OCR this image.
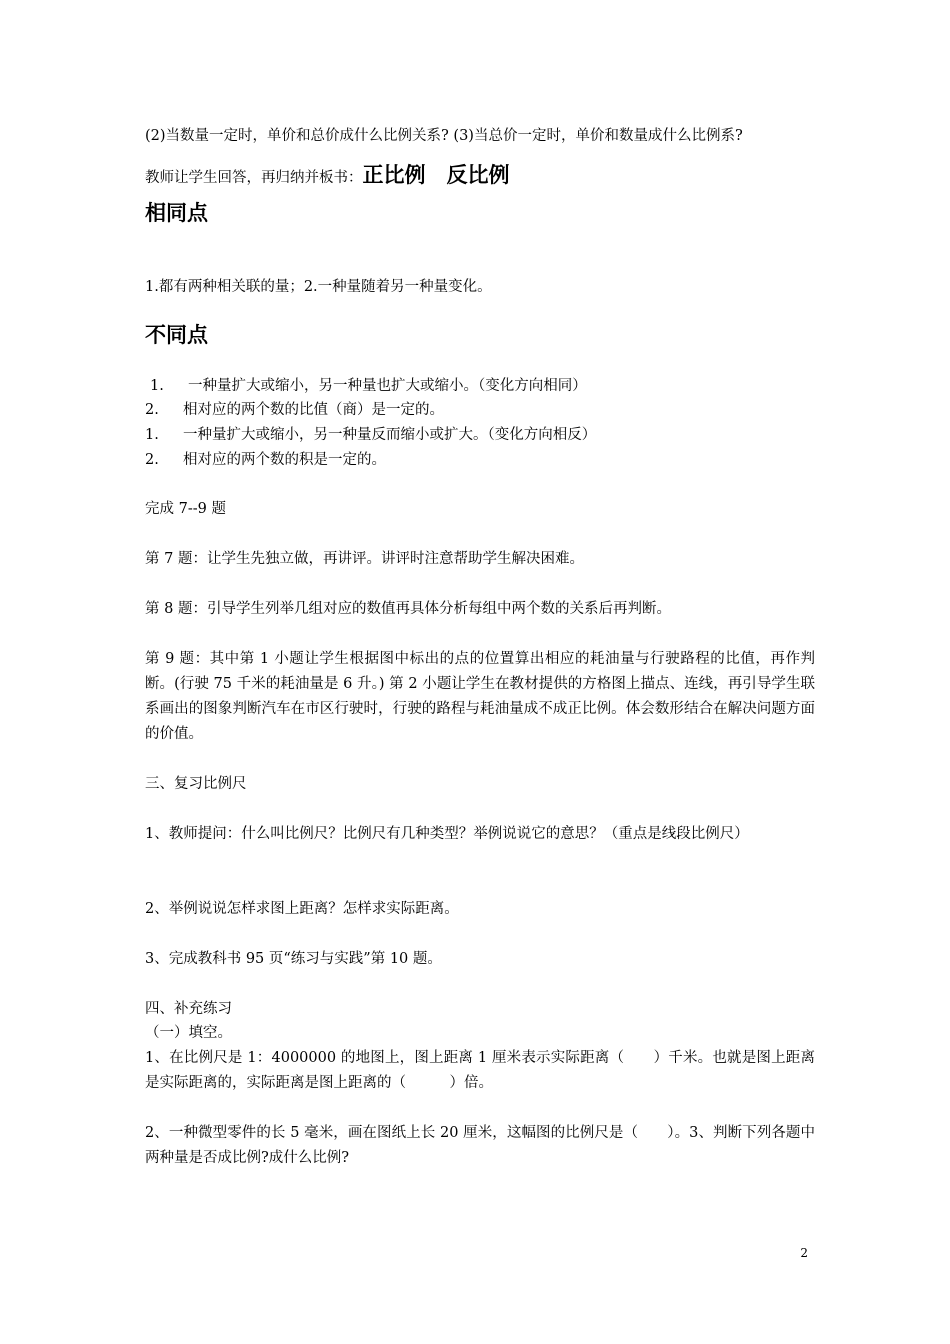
(2)当数量一定时，单价和总价成什么比例关系? (3)当总价一定时，单价和数量成什么比例系?
教师让学生回答，再归纳并板书：正比例　反比例
相同点
1.都有两种相关联的量；2.一种量随着另一种量变化。
不同点
1. 一种量扩大或缩小，另一种量也扩大或缩小。（变化方向相同）
2. 相对应的两个数的比值（商）是一定的。
1. 一种量扩大或缩小，另一种量反而缩小或扩大。（变化方向相反）
2. 相对应的两个数的积是一定的。
完成 7--9 题
第 7 题：让学生先独立做，再讲评。讲评时注意帮助学生解决困难。
第 8 题：引导学生列举几组对应的数值再具体分析每组中两个数的关系后再判断。
第 9 题：其中第 1 小题让学生根据图中标出的点的位置算出相应的耗油量与行驶路程的比值，再作判断。(行驶 75 千米的耗油量是 6 升。) 第 2 小题让学生在教材提供的方格图上描点、连线，再引导学生联系画出的图象判断汽车在市区行驶时，行驶的路程与耗油量成不成正比例。体会数形结合在解决问题方面的价值。
三、复习比例尺
1、教师提问：什么叫比例尺？比例尺有几种类型？举例说说它的意思？（重点是线段比例尺）
2、举例说说怎样求图上距离？怎样求实际距离。
3、完成教科书 95 页“练习与实践”第 10 题。
四、补充练习
（一）填空。
1、在比例尺是 1：4000000 的地图上，图上距离 1 厘米表示实际距离（　　）千米。也就是图上距离是实际距离的，实际距离是图上距离的（　　　）倍。
2、一种微型零件的长 5 毫米，画在图纸上长 20 厘米，这幅图的比例尺是（　　）。3、判断下列各题中两种量是否成比例?成什么比例?
2
